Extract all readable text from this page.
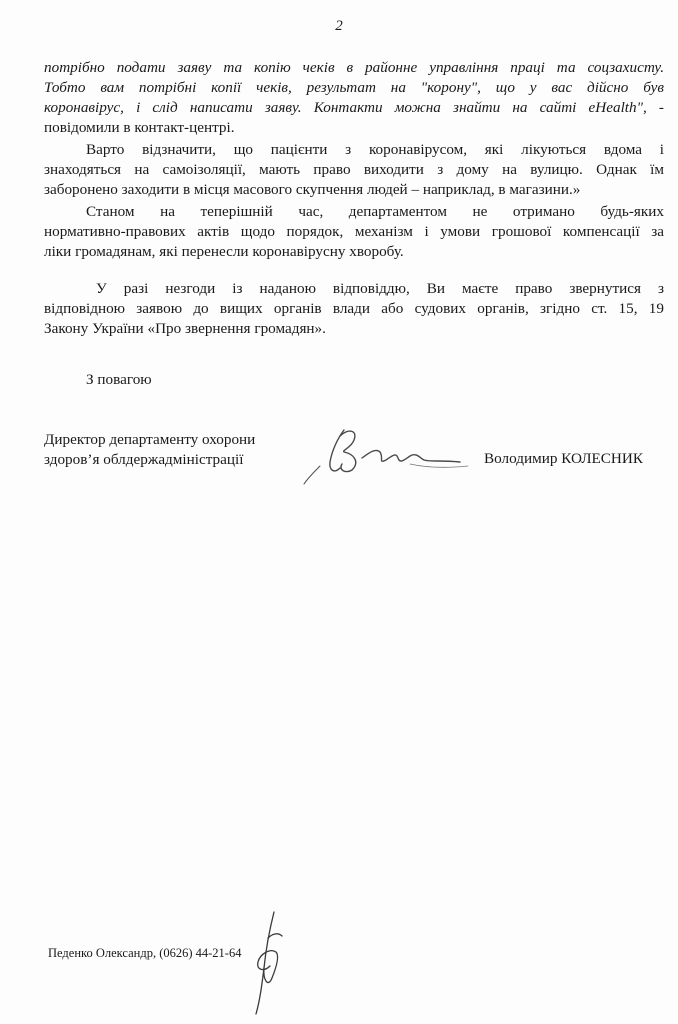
2
потрібно подати заяву та копію чеків в районне управління праці та соцзахисту.
Тобто вам потрібні копії чеків, результат на "корону", що у вас дійсно був
коронавірус, і слід написати заяву. Контакти можна знайти на сайті eHealth", -
повідомили в контакт-центрі.
Варто відзначити, що пацієнти з коронавірусом, які лікуються вдома і
знаходяться на самоізоляції, мають право виходити з дому на вулицю. Однак їм
заборонено заходити в місця масового скупчення людей – наприклад, в магазини.»
Станом на теперішній час, департаментом не отримано будь-яких
нормативно-правових актів щодо порядок, механізм і умови грошової компенсації за
ліки громадянам, які перенесли коронавірусну хворобу.
У разі незгоди із наданою відповіддю, Ви маєте право звернутися з
відповідною заявою до вищих органів влади або судових органів, згідно ст. 15, 19
Закону України «Про звернення громадян».
З повагою
Директор департаменту охорони
здоров’я облдержадміністрації	Володимир КОЛЕСНИК
Педенко Олександр, (0626) 44-21-64
